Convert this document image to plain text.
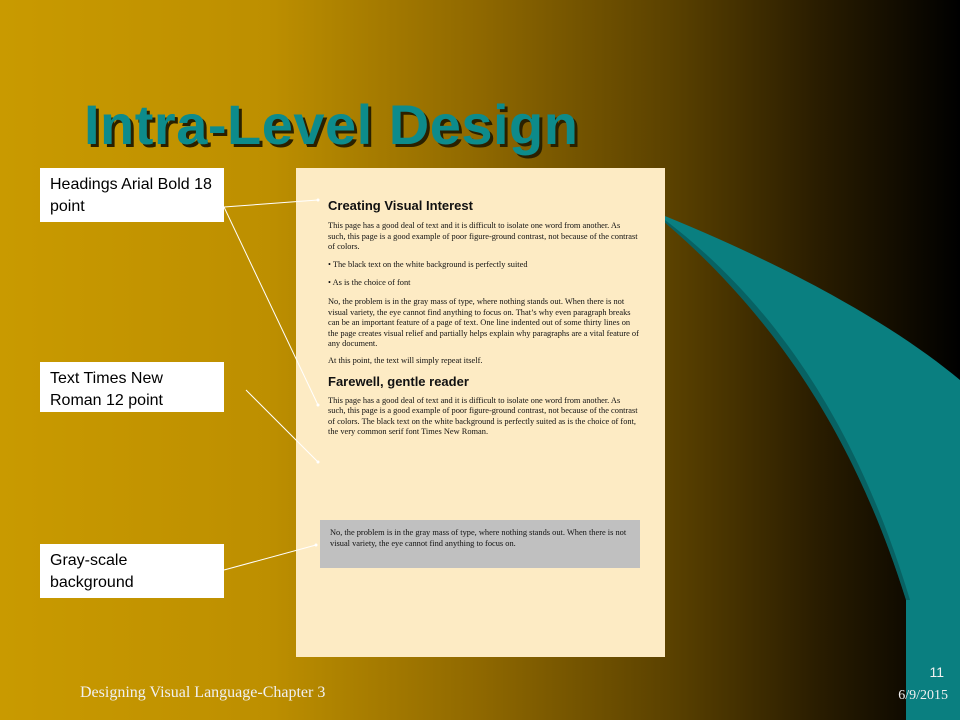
Intra-Level Design
Headings Arial Bold 18 point
Text Times New Roman 12 point
Gray-scale background
Creating Visual Interest

This page has a good deal of text and it is difficult to isolate one word from another. As such, this page is a good example of poor figure-ground contrast, not because of the contrast of colors.

• The black text on the white background is perfectly suited

• As is the choice of font

No, the problem is in the gray mass of type, where nothing stands out. When there is not visual variety, the eye cannot find anything to focus on. That’s why even paragraph breaks can be an important feature of a page of text. One line indented out of some thirty lines on the page creates visual relief and partially helps explain why paragraphs are a vital feature of any document.

At this point, the text will simply repeat itself.

Farewell, gentle reader

This page has a good deal of text and it is difficult to isolate one word from another. As such, this page is a good example of poor figure-ground contrast, not because of the contrast of colors. The black text on the white background is perfectly suited as is the choice of font, the very common serif font Times New Roman.

No, the problem is in the gray mass of type, where nothing stands out. When there is not visual variety, the eye cannot find anything to focus on.

Designing Visual Language-Chapter 3
11
6/9/2015
